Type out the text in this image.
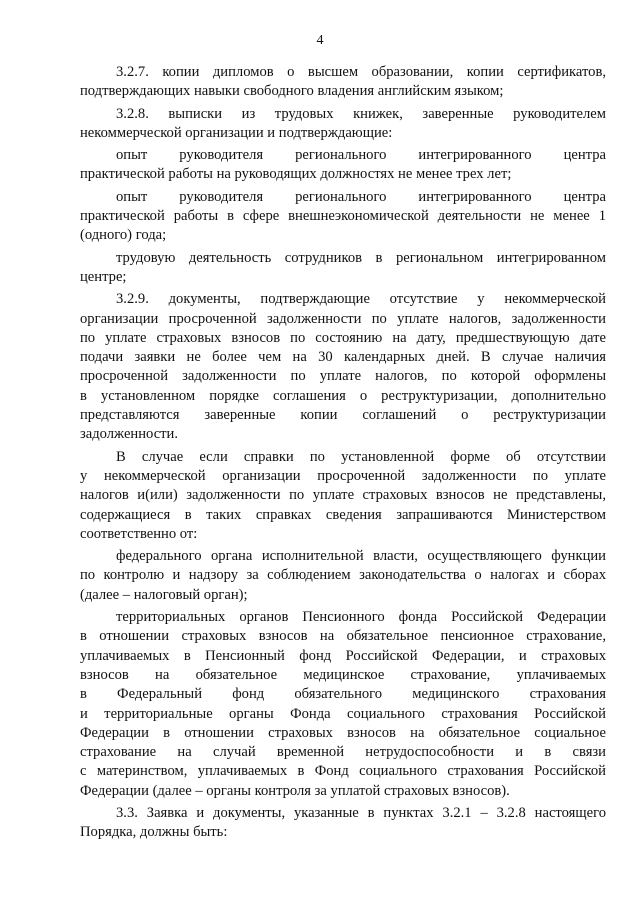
4
3.2.7. копии дипломов о высшем образовании, копии сертификатов,
подтверждающих навыки свободного владения английским языком;
3.2.8. выписки из трудовых книжек, заверенные руководителем
некоммерческой организации и подтверждающие:
опыт руководителя регионального интегрированного центра
практической работы на руководящих должностях не менее трех лет;
опыт руководителя регионального интегрированного центра
практической работы в сфере внешнеэкономической деятельности не менее 1
(одного) года;
трудовую деятельность сотрудников в региональном интегрированном
центре;
3.2.9. документы, подтверждающие отсутствие у некоммерческой
организации просроченной задолженности по уплате налогов, задолженности
по уплате страховых взносов по состоянию на дату, предшествующую дате
подачи заявки не более чем на 30 календарных дней. В случае наличия
просроченной задолженности по уплате налогов, по которой оформлены
в установленном порядке соглашения о реструктуризации, дополнительно
представляются заверенные копии соглашений о реструктуризации
задолженности.
В случае если справки по установленной форме об отсутствии
у некоммерческой организации просроченной задолженности по уплате
налогов и(или) задолженности по уплате страховых взносов не представлены,
содержащиеся в таких справках сведения запрашиваются Министерством
соответственно от:
федерального органа исполнительной власти, осуществляющего функции
по контролю и надзору за соблюдением законодательства о налогах и сборах
(далее – налоговый орган);
территориальных органов Пенсионного фонда Российской Федерации
в отношении страховых взносов на обязательное пенсионное страхование,
уплачиваемых в Пенсионный фонд Российской Федерации, и страховых
взносов на обязательное медицинское страхование, уплачиваемых
в Федеральный фонд обязательного медицинского страхования
и территориальные органы Фонда социального страхования Российской
Федерации в отношении страховых взносов на обязательное социальное
страхование на случай временной нетрудоспособности и в связи
с материнством, уплачиваемых в Фонд социального страхования Российской
Федерации (далее – органы контроля за уплатой страховых взносов).
3.3. Заявка и документы, указанные в пунктах 3.2.1 – 3.2.8 настоящего
Порядка, должны быть:
